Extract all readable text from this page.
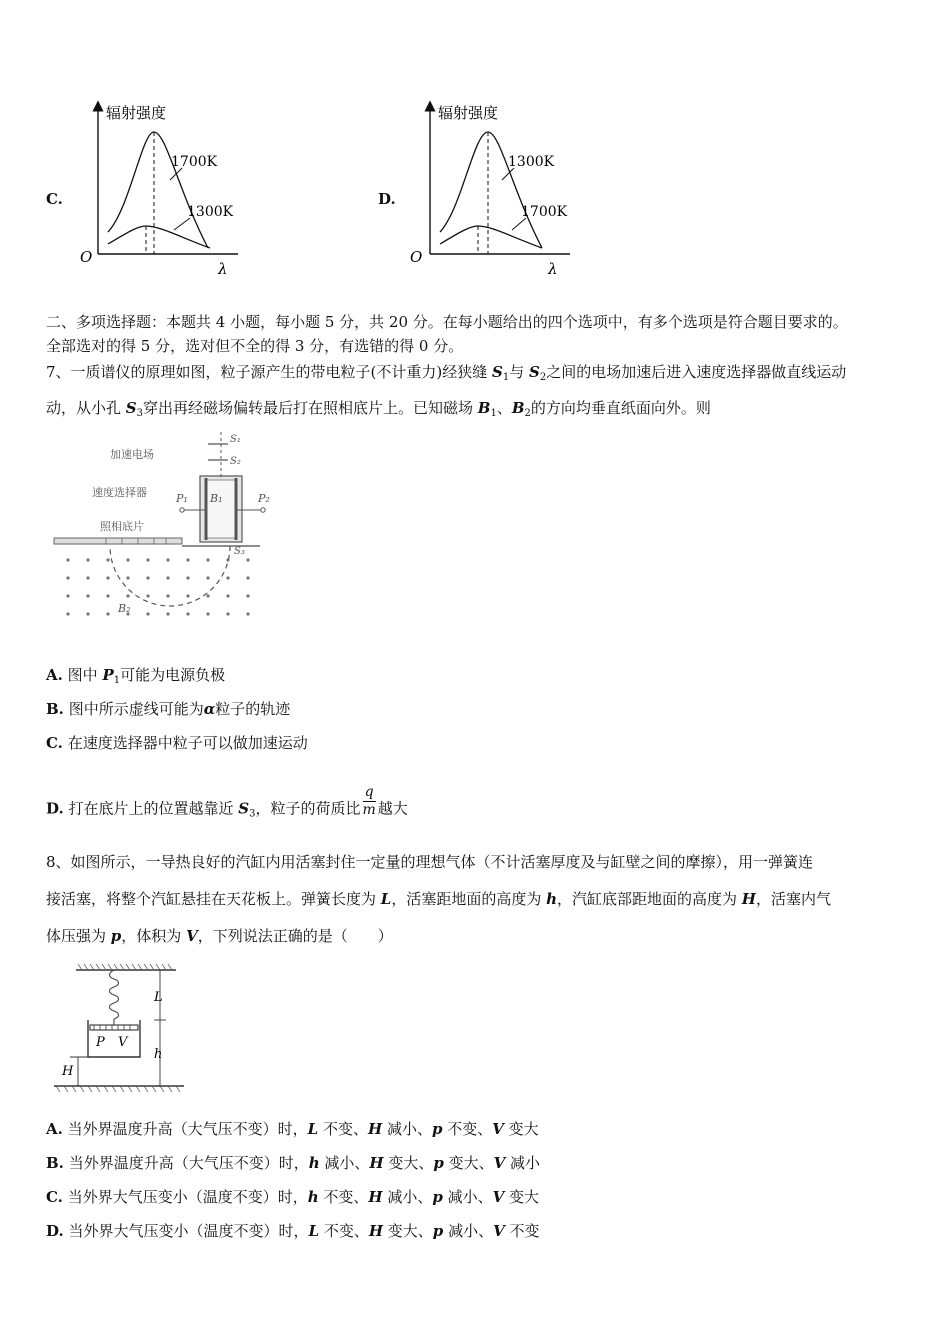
C.
辐射强度
1700K
1300K
O
λ
D.
辐射强度
1300K
1700K
O
λ
二、多项选择题：本题共 4 小题，每小题 5 分，共 20 分。在每小题给出的四个选项中，有多个选项是符合题目要求的。
全部选对的得 5 分，选对但不全的得 3 分，有选错的得 0 分。
7、一质谱仪的原理如图，粒子源产生的带电粒子(不计重力)经狭缝 $S_1$与 $S_2$之间的电场加速后进入速度选择器做直线运动
动，从小孔 $S_3$穿出再经磁场偏转最后打在照相底片上。已知磁场 $B_1$、$B_2$的方向均垂直纸面向外。则
加速电场
速度选择器
照相底片
S₁
S₂
S₃
P₁	P₂
B₁
B₂
A. 图中 $P_1$可能为电源负极
B. 图中所示虚线可能为α粒子的轨迹
C. 在速度选择器中粒子可以做加速运动
D. 打在底片上的位置越靠近 $S_3$，粒子的荷质比 $\frac{q}{m}$ 越大
8、如图所示，一导热良好的汽缸内用活塞封住一定量的理想气体（不计活塞厚度及与缸壁之间的摩擦），用一弹簧连
接活塞，将整个汽缸悬挂在天花板上。弹簧长度为 L，活塞距地面的高度为 h，汽缸底部距地面的高度为 H，活塞内气
体压强为 p，体积为 V，下列说法正确的是（　　）
L
h
H
P V
A. 当外界温度升高（大气压不变）时，L 不变、H 减小、p 不变、V 变大
B. 当外界温度升高（大气压不变）时，h 减小、H 变大、p 变大、V 减小
C. 当外界大气压变小（温度不变）时，h 不变、H 减小、p 减小、V 变大
D. 当外界大气压变小（温度不变）时，L 不变、H 变大、p 减小、V 不变
